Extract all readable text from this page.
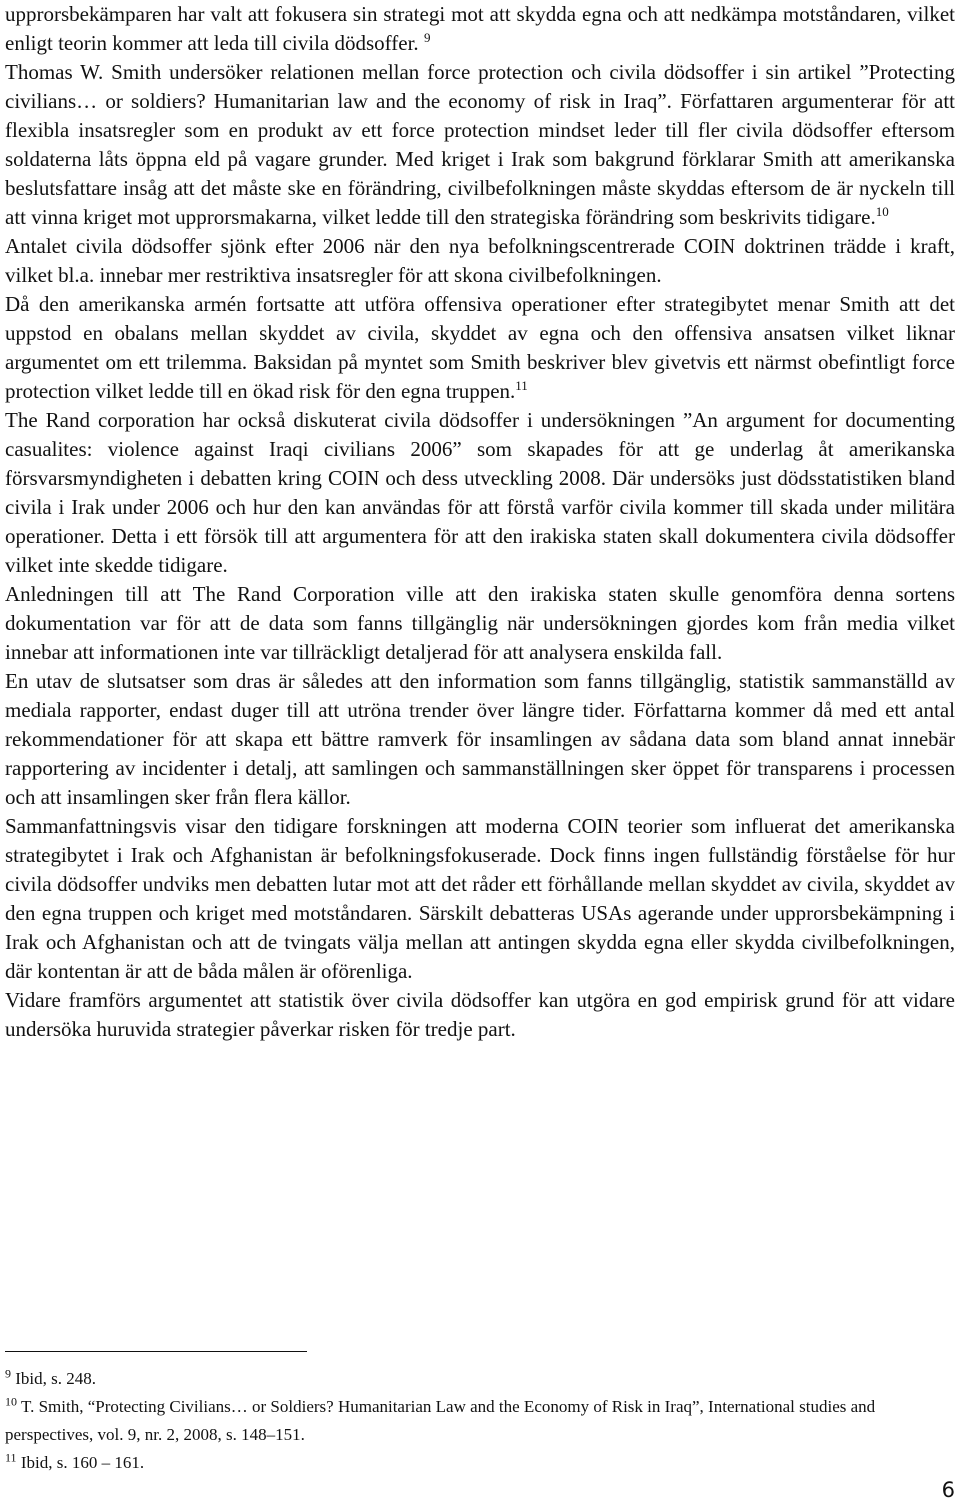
upprorsbekämparen har valt att fokusera sin strategi mot att skydda egna och att nedkämpa motståndaren, vilket enligt teorin kommer att leda till civila dödsoffer. $^9$

Thomas W. Smith undersöker relationen mellan force protection och civila dödsoffer i sin artikel ”Protecting civilians… or soldiers? Humanitarian law and the economy of risk in Iraq”. Författaren argumenterar för att flexibla insatsregler som en produkt av ett force protection mindset leder till fler civila dödsoffer eftersom soldaterna låts öppna eld på vagare grunder. Med kriget i Irak som bakgrund förklarar Smith att amerikanska beslutsfattare insåg att det måste ske en förändring, civilbefolkningen måste skyddas eftersom de är nyckeln till att vinna kriget mot upprorsmakarna, vilket ledde till den strategiska förändring som beskrivits tidigare.$^{10}$

Antalet civila dödsoffer sjönk efter 2006 när den nya befolkningscentrerade COIN doktrinen trädde i kraft, vilket bl.a. innebar mer restriktiva insatsregler för att skona civilbefolkningen.

Då den amerikanska armén fortsatte att utföra offensiva operationer efter strategibytet menar Smith att det uppstod en obalans mellan skyddet av civila, skyddet av egna och den offensiva ansatsen vilket liknar argumentet om ett trilemma. Baksidan på myntet som Smith beskriver blev givetvis ett närmst obefintligt force protection vilket ledde till en ökad risk för den egna truppen.$^{11}$

The Rand corporation har också diskuterat civila dödsoffer i undersökningen ”An argument for documenting casualites: violence against Iraqi civilians 2006” som skapades för att ge underlag åt amerikanska försvarsmyndigheten i debatten kring COIN och dess utveckling 2008. Där undersöks just dödsstatistiken bland civila i Irak under 2006 och hur den kan användas för att förstå varför civila kommer till skada under militära operationer. Detta i ett försök till att argumentera för att den irakiska staten skall dokumentera civila dödsoffer vilket inte skedde tidigare.

Anledningen till att The Rand Corporation ville att den irakiska staten skulle genomföra denna sortens dokumentation var för att de data som fanns tillgänglig när undersökningen gjordes kom från media vilket innebar att informationen inte var tillräckligt detaljerad för att analysera enskilda fall.

En utav de slutsatser som dras är således att den information som fanns tillgänglig, statistik sammanställd av mediala rapporter, endast duger till att utröna trender över längre tider. Författarna kommer då med ett antal rekommendationer för att skapa ett bättre ramverk för insamlingen av sådana data som bland annat innebär rapportering av incidenter i detalj, att samlingen och sammanställningen sker öppet för transparens i processen och att insamlingen sker från flera källor.

Sammanfattningsvis visar den tidigare forskningen att moderna COIN teorier som influerat det amerikanska strategibytet i Irak och Afghanistan är befolkningsfokuserade. Dock finns ingen fullständig förståelse för hur civila dödsoffer undviks men debatten lutar mot att det råder ett förhållande mellan skyddet av civila, skyddet av den egna truppen och kriget med motståndaren. Särskilt debatteras USAs agerande under upprorsbekämpning i Irak och Afghanistan och att de tvingats välja mellan att antingen skydda egna eller skydda civilbefolkningen, där kontentan är att de båda målen är oförenliga.

Vidare framförs argumentet att statistik över civila dödsoffer kan utgöra en god empirisk grund för att vidare undersöka huruvida strategier påverkar risken för tredje part.

$^9$ Ibid, s. 248.

$^{10}$ T. Smith, “Protecting Civilians… or Soldiers? Humanitarian Law and the Economy of Risk in Iraq”, International studies and perspectives, vol. 9, nr. 2, 2008, s. 148–151.

$^{11}$ Ibid, s. 160 – 161.

6
